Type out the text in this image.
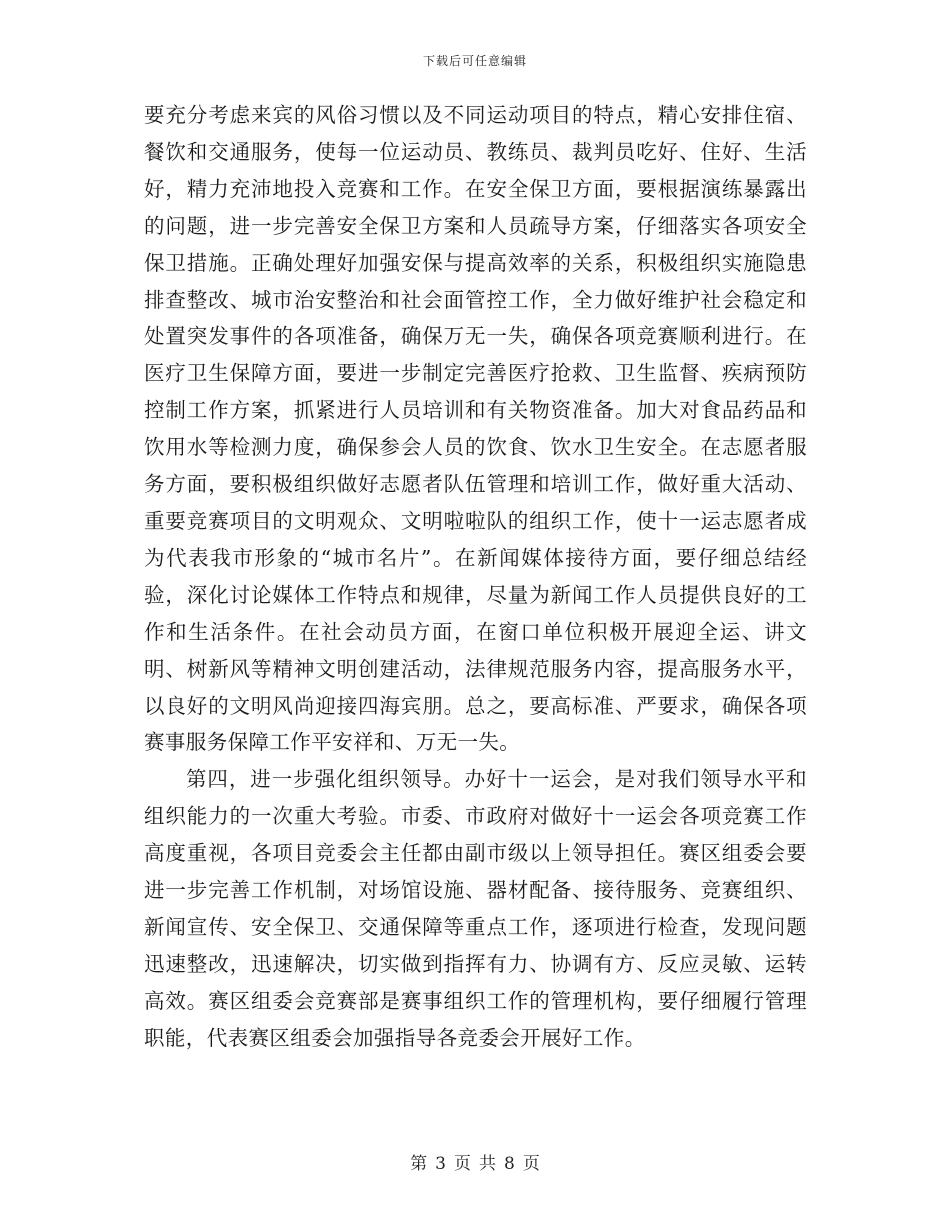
下载后可任意编辑

要充分考虑来宾的风俗习惯以及不同运动项目的特点，精心安排住宿、餐饮和交通服务，使每一位运动员、教练员、裁判员吃好、住好、生活好，精力充沛地投入竞赛和工作。在安全保卫方面，要根据演练暴露出的问题，进一步完善安全保卫方案和人员疏导方案，仔细落实各项安全保卫措施。正确处理好加强安保与提高效率的关系，积极组织实施隐患排查整改、城市治安整治和社会面管控工作，全力做好维护社会稳定和处置突发事件的各项准备，确保万无一失，确保各项竞赛顺利进行。在医疗卫生保障方面，要进一步制定完善医疗抢救、卫生监督、疾病预防控制工作方案，抓紧进行人员培训和有关物资准备。加大对食品药品和饮用水等检测力度，确保参会人员的饮食、饮水卫生安全。在志愿者服务方面，要积极组织做好志愿者队伍管理和培训工作，做好重大活动、重要竞赛项目的文明观众、文明啦啦队的组织工作，使十一运志愿者成为代表我市形象的“城市名片”。在新闻媒体接待方面，要仔细总结经验，深化讨论媒体工作特点和规律，尽量为新闻工作人员提供良好的工作和生活条件。在社会动员方面，在窗口单位积极开展迎全运、讲文明、树新风等精神文明创建活动，法律规范服务内容，提高服务水平，以良好的文明风尚迎接四海宾朋。总之，要高标准、严要求，确保各项赛事服务保障工作平安祥和、万无一失。

第四，进一步强化组织领导。办好十一运会，是对我们领导水平和组织能力的一次重大考验。市委、市政府对做好十一运会各项竞赛工作高度重视，各项目竞委会主任都由副市级以上领导担任。赛区组委会要进一步完善工作机制，对场馆设施、器材配备、接待服务、竞赛组织、新闻宣传、安全保卫、交通保障等重点工作，逐项进行检查，发现问题迅速整改，迅速解决，切实做到指挥有力、协调有方、反应灵敏、运转高效。赛区组委会竞赛部是赛事组织工作的管理机构，要仔细履行管理职能，代表赛区组委会加强指导各竞委会开展好工作。

第 3 页 共 8 页
